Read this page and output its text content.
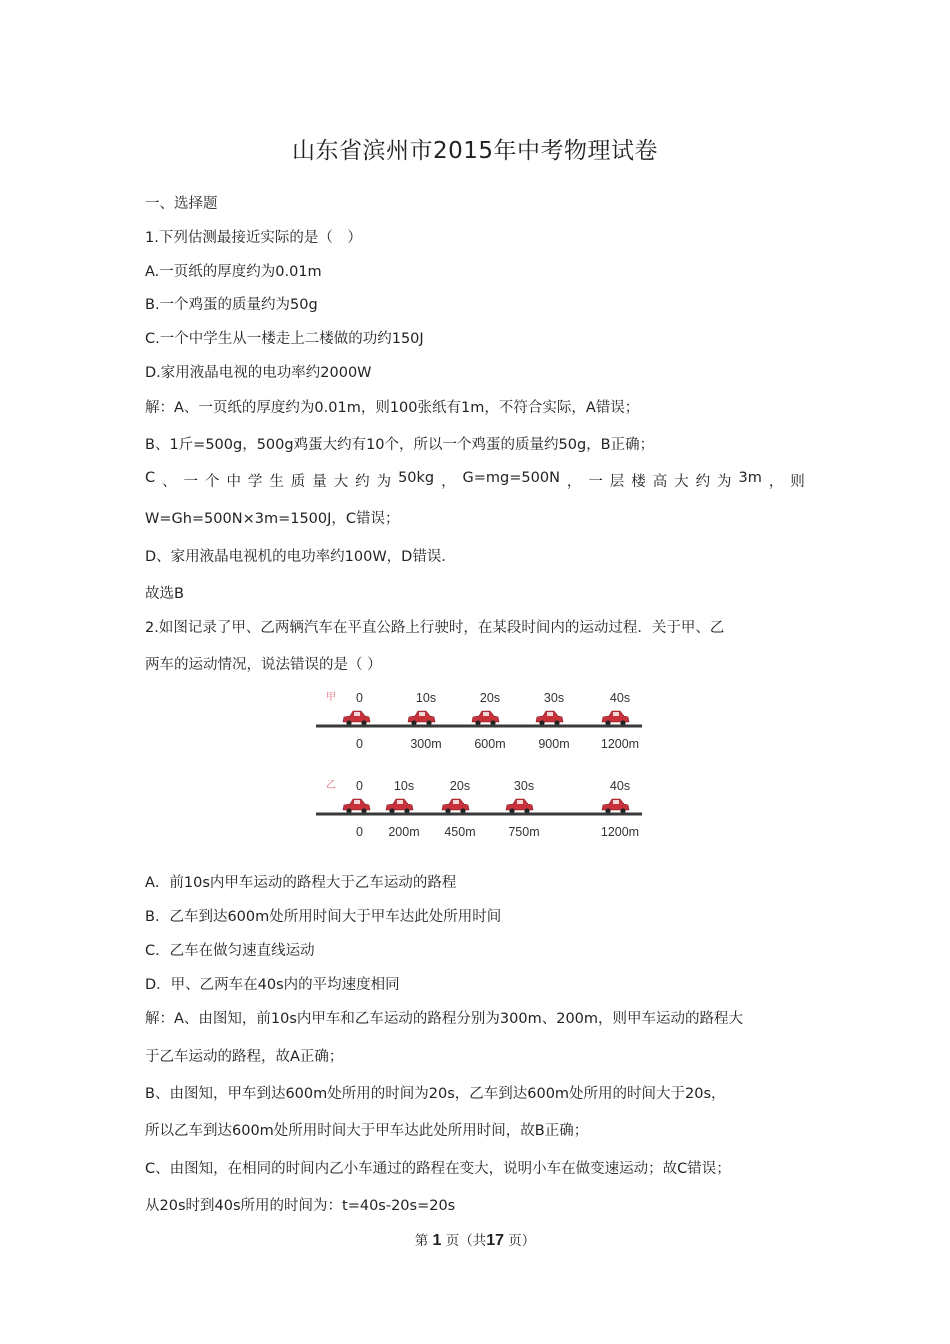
山东省滨州市2015年中考物理试卷
一、选择题
1.下列估测最接近实际的是（　）
A.一页纸的厚度约为0.01m
B.一个鸡蛋的质量约为50g
C.一个中学生从一楼走上二楼做的功约150J
D.家用液晶电视的电功率约2000W
解：A、一页纸的厚度约为0.01m，则100张纸有1m，不符合实际，A错误；
B、1斤=500g，500g鸡蛋大约有10个，所以一个鸡蛋的质量约50g，B正确；
C 、 一 个 中 学 生 质 量 大 约 为 50kg ， G=mg=500N ， 一 层 楼 高 大 约 为 3m ， 则
W=Gh=500N×3m=1500J，C错误；
D、家用液晶电视机的电功率约100W，D错误．
故选B
2.如图记录了甲、乙两辆汽车在平直公路上行驶时，在某段时间内的运动过程．关于甲、乙
两车的运动情况，说法错误的是（ ）
甲 0	10s	20s	30s	40s
0	300m	600m	900m 1200m
乙 0 10s	20s	30s	40s
0 200m 450m	750m	1200m
A．前10s内甲车运动的路程大于乙车运动的路程
B．乙车到达600m处所用时间大于甲车达此处所用时间
C．乙车在做匀速直线运动
D．甲、乙两车在40s内的平均速度相同
解：A、由图知，前10s内甲车和乙车运动的路程分别为300m、200m，则甲车运动的路程大
于乙车运动的路程，故A正确；
B、由图知，甲车到达600m处所用的时间为20s，乙车到达600m处所用的时间大于20s，
所以乙车到达600m处所用时间大于甲车达此处所用时间，故B正确；
C、由图知，在相同的时间内乙小车通过的路程在变大，说明小车在做变速运动；故C错误；
从20s时到40s所用的时间为：t=40s-20s=20s
第 1 页（共17 页）
